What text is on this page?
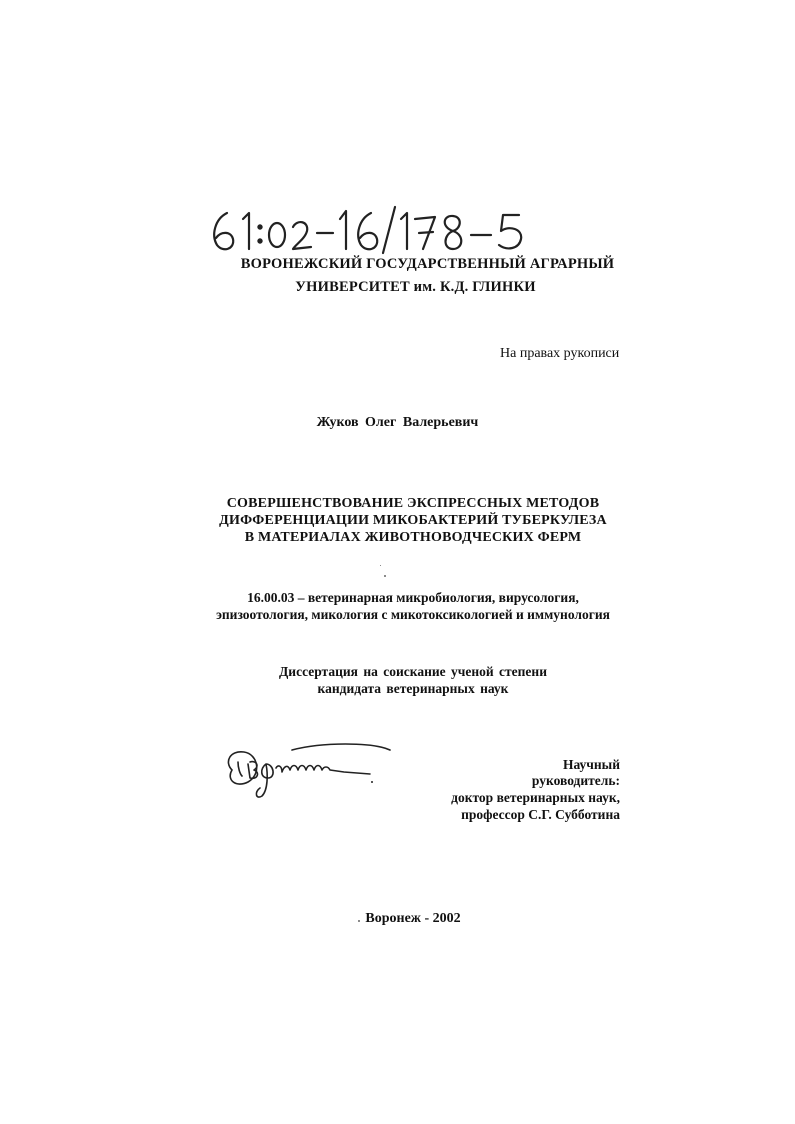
61:02-16/178-5
ВОРОНЕЖСКИЙ ГОСУДАРСТВЕННЫЙ АГРАРНЫЙ
УНИВЕРСИТЕТ им. К.Д. ГЛИНКИ
На правах рукописи
Жуков Олег Валерьевич
СОВЕРШЕНСТВОВАНИЕ ЭКСПРЕССНЫХ МЕТОДОВ
ДИФФЕРЕНЦИАЦИИ МИКОБАКТЕРИЙ ТУБЕРКУЛЕЗА
В МАТЕРИАЛАХ ЖИВОТНОВОДЧЕСКИХ ФЕРМ
16.00.03 – ветеринарная микробиология, вирусология,
эпизоотология, микология с микотоксикологией и иммунология
Диссертация на соискание ученой степени
кандидата ветеринарных наук
Научный руководитель:
доктор ветеринарных наук,
профессор С.Г. Субботина
Воронеж - 2002
